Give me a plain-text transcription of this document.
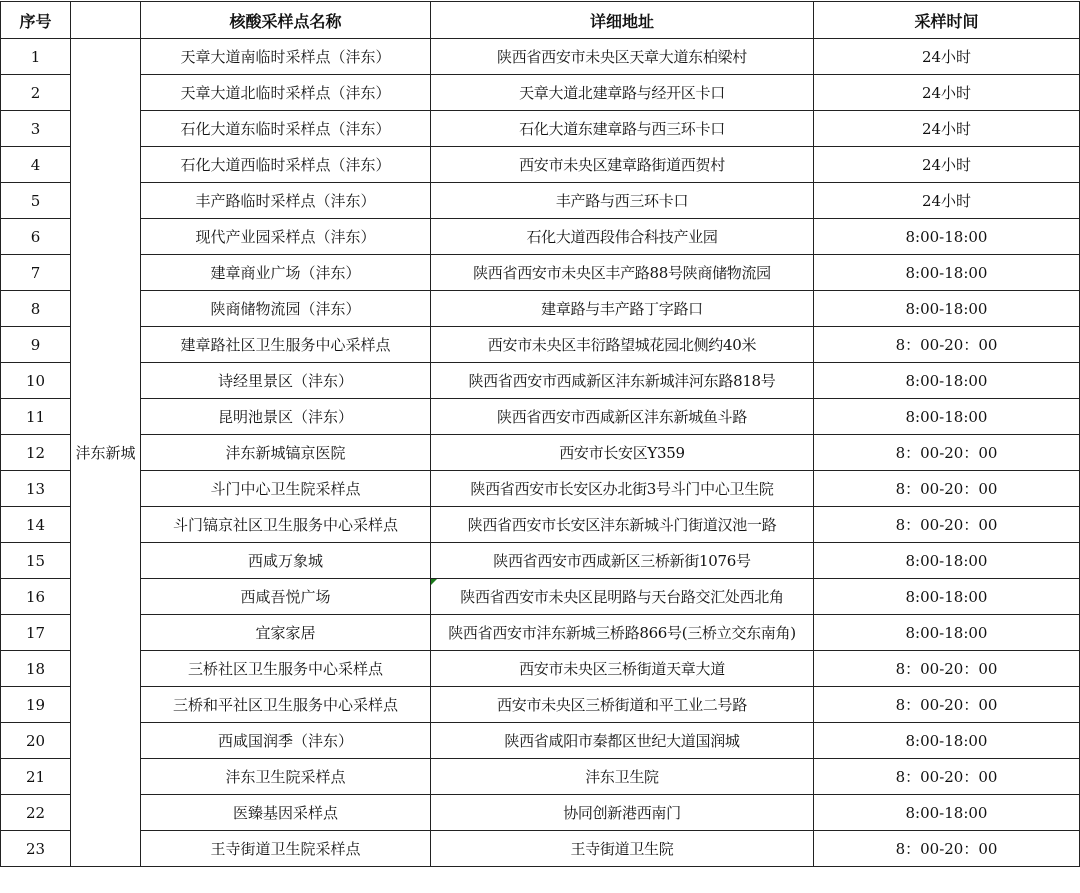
序号		核酸采样点名称	详细地址	采样时间
1	沣东新城	天章大道南临时采样点（沣东）	陕西省西安市未央区天章大道东柏梁村	24小时
2		天章大道北临时采样点（沣东）	天章大道北建章路与经开区卡口	24小时
3		石化大道东临时采样点（沣东）	石化大道东建章路与西三环卡口	24小时
4		石化大道西临时采样点（沣东）	西安市未央区建章路街道西贺村	24小时
5		丰产路临时采样点（沣东）	丰产路与西三环卡口	24小时
6		现代产业园采样点（沣东）	石化大道西段伟合科技产业园	8:00-18:00
7		建章商业广场（沣东）	陕西省西安市未央区丰产路88号陕商储物流园	8:00-18:00
8		陕商储物流园（沣东）	建章路与丰产路丁字路口	8:00-18:00
9		建章路社区卫生服务中心采样点	西安市未央区丰衍路望城花园北侧约40米	8：00-20：00
10		诗经里景区（沣东）	陕西省西安市西咸新区沣东新城沣河东路818号	8:00-18:00
11		昆明池景区（沣东）	陕西省西安市西咸新区沣东新城鱼斗路	8:00-18:00
12		沣东新城镐京医院	西安市长安区Y359	8：00-20：00
13		斗门中心卫生院采样点	陕西省西安市长安区办北街3号斗门中心卫生院	8：00-20：00
14		斗门镐京社区卫生服务中心采样点	陕西省西安市长安区沣东新城斗门街道汉池一路	8：00-20：00
15		西咸万象城	陕西省西安市西咸新区三桥新街1076号	8:00-18:00
16		西咸吾悦广场	陕西省西安市未央区昆明路与天台路交汇处西北角	8:00-18:00
17		宜家家居	陕西省西安市沣东新城三桥路866号(三桥立交东南角)	8:00-18:00
18		三桥社区卫生服务中心采样点	西安市未央区三桥街道天章大道	8：00-20：00
19		三桥和平社区卫生服务中心采样点	西安市未央区三桥街道和平工业二号路	8：00-20：00
20		西咸国润季（沣东）	陕西省咸阳市秦都区世纪大道国润城	8:00-18:00
21		沣东卫生院采样点	沣东卫生院	8：00-20：00
22		医臻基因采样点	协同创新港西南门	8:00-18:00
23		王寺街道卫生院采样点	王寺街道卫生院	8：00-20：00
